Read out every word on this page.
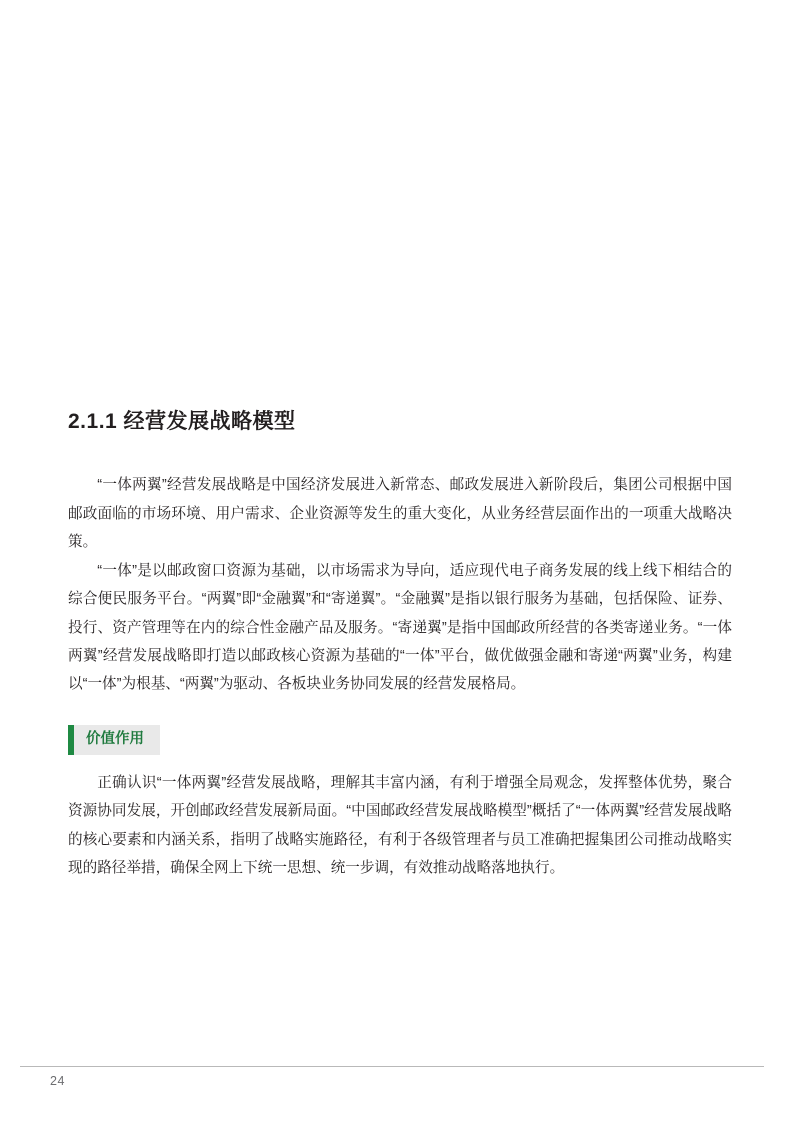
2.1.1 经营发展战略模型

“一体两翼”经营发展战略是中国经济发展进入新常态、邮政发展进入新阶段后，集团公司根据中国邮政面临的市场环境、用户需求、企业资源等发生的重大变化，从业务经营层面作出的一项重大战略决策。

“一体”是以邮政窗口资源为基础，以市场需求为导向，适应现代电子商务发展的线上线下相结合的综合便民服务平台。“两翼”即“金融翼”和“寄递翼”。“金融翼”是指以银行服务为基础，包括保险、证券、投行、资产管理等在内的综合性金融产品及服务。“寄递翼”是指中国邮政所经营的各类寄递业务。“一体两翼”经营发展战略即打造以邮政核心资源为基础的“一体”平台，做优做强金融和寄递“两翼”业务，构建以“一体”为根基、“两翼”为驱动、各板块业务协同发展的经营发展格局。

价值作用

正确认识“一体两翼”经营发展战略，理解其丰富内涵，有利于增强全局观念，发挥整体优势，聚合资源协同发展，开创邮政经营发展新局面。“中国邮政经营发展战略模型”概括了“一体两翼”经营发展战略的核心要素和内涵关系，指明了战略实施路径，有利于各级管理者与员工准确把握集团公司推动战略实现的路径举措，确保全网上下统一思想、统一步调，有效推动战略落地执行。

24
